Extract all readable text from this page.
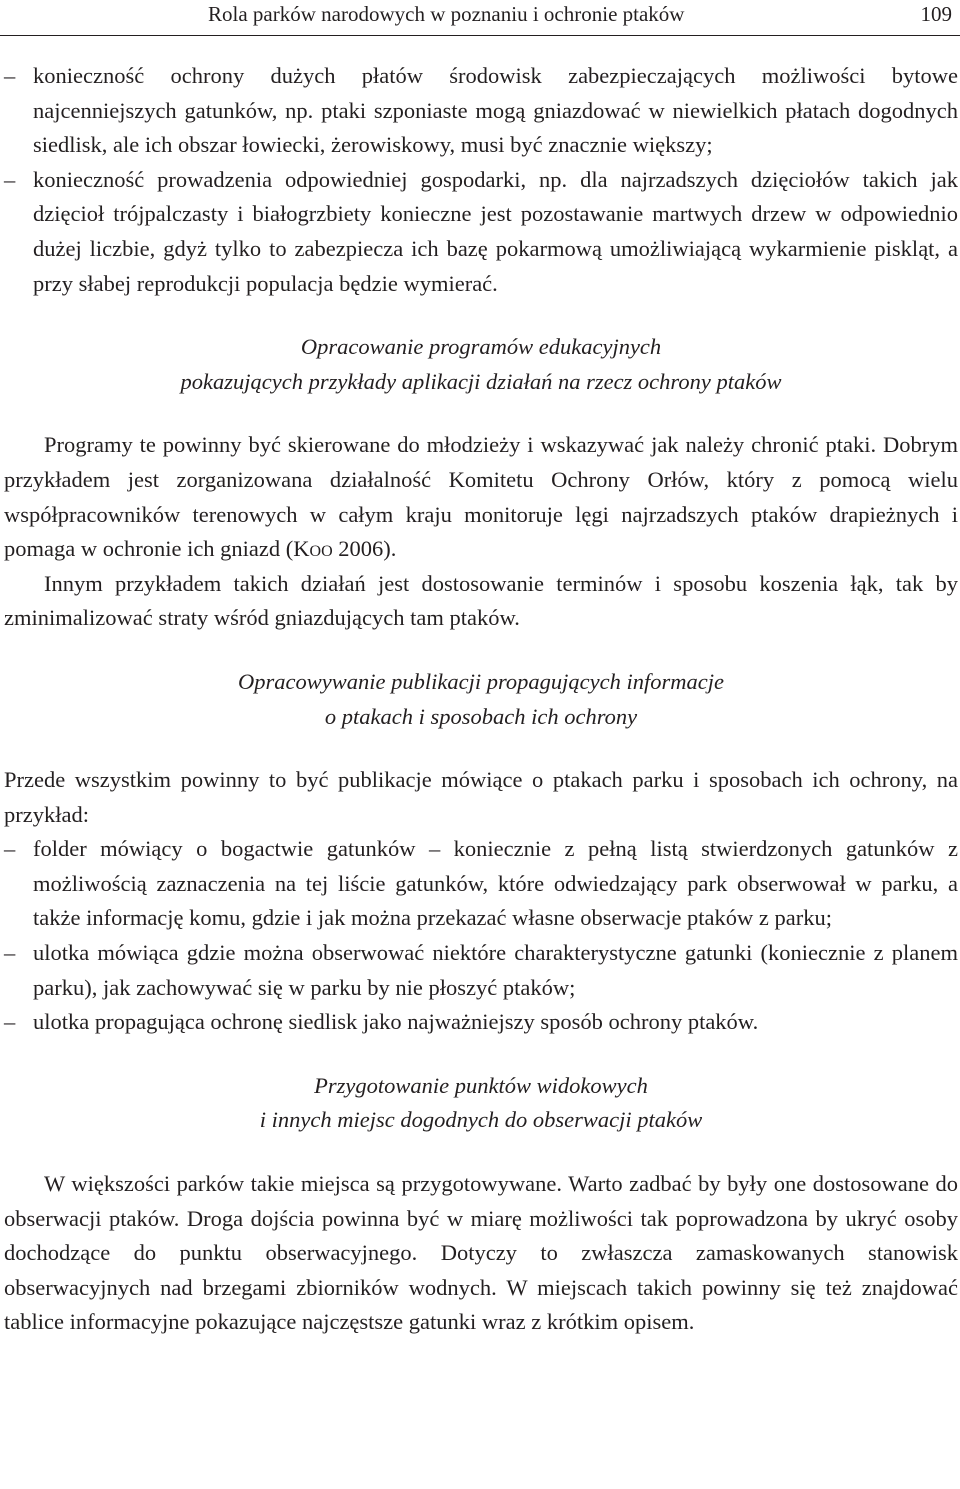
Rola parków narodowych w poznaniu i ochronie ptaków	109
– konieczność ochrony dużych płatów środowisk zabezpieczających możliwości bytowe najcenniejszych gatunków, np. ptaki szponiaste mogą gniazdować w niewielkich płatach dogodnych siedlisk, ale ich obszar łowiecki, żerowiskowy, musi być znacznie większy;
– konieczność prowadzenia odpowiedniej gospodarki, np. dla najrzadszych dzięciołów takich jak dzięcioł trójpalczasty i białogrzbiety konieczne jest pozostawanie martwych drzew w odpowiednio dużej liczbie, gdyż tylko to zabezpiecza ich bazę pokarmową umożliwiającą wykarmienie piskląt, a przy słabej reprodukcji populacja będzie wymierać.
Opracowanie programów edukacyjnych
pokazujących przykłady aplikacji działań na rzecz ochrony ptaków

Programy te powinny być skierowane do młodzieży i wskazywać jak należy chronić ptaki. Dobrym przykładem jest zorganizowana działalność Komitetu Ochrony Orłów, który z pomocą wielu współpracowników terenowych w całym kraju monitoruje lęgi najrzadszych ptaków drapieżnych i pomaga w ochronie ich gniazd (Koo 2006).

Innym przykładem takich działań jest dostosowanie terminów i sposobu koszenia łąk, tak by zminimalizować straty wśród gniazdujących tam ptaków.

Opracowywanie publikacji propagujących informacje
o ptakach i sposobach ich ochrony

Przede wszystkim powinny to być publikacje mówiące o ptakach parku i sposobach ich ochrony, na przykład:

– folder mówiący o bogactwie gatunków – koniecznie z pełną listą stwierdzonych gatunków z możliwością zaznaczenia na tej liście gatunków, które odwiedzający park obserwował w parku, a także informację komu, gdzie i jak można przekazać własne obserwacje ptaków z parku;
– ulotka mówiąca gdzie można obserwować niektóre charakterystyczne gatunki (koniecznie z planem parku), jak zachowywać się w parku by nie płoszyć ptaków;
– ulotka propagująca ochronę siedlisk jako najważniejszy sposób ochrony ptaków.
Przygotowanie punktów widokowych
i innych miejsc dogodnych do obserwacji ptaków

W większości parków takie miejsca są przygotowywane. Warto zadbać by były one dostosowane do obserwacji ptaków. Droga dojścia powinna być w miarę możliwości tak poprowadzona by ukryć osoby dochodzące do punktu obserwacyjnego. Dotyczy to zwłaszcza zamaskowanych stanowisk obserwacyjnych nad brzegami zbiorników wodnych. W miejscach takich powinny się też znajdować tablice informacyjne pokazujące najczęstsze gatunki wraz z krótkim opisem.
